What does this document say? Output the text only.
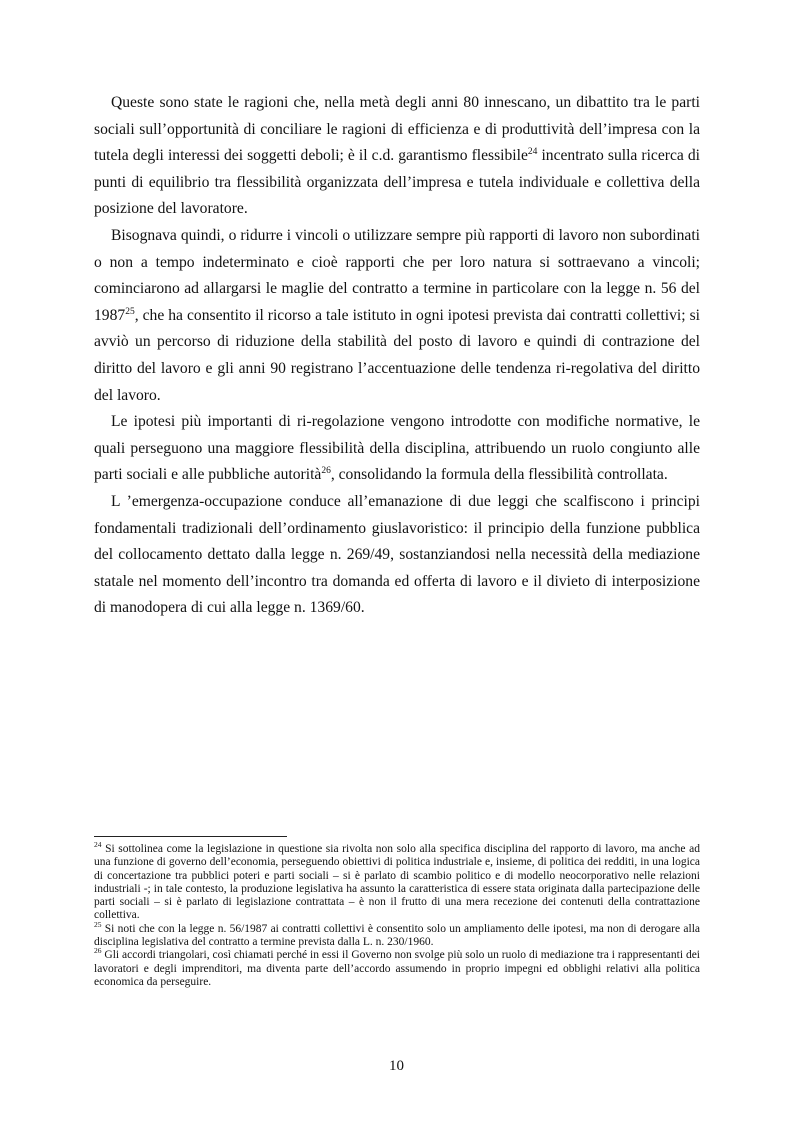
Queste sono state le ragioni che, nella metà degli anni 80 innescano, un dibattito tra le parti sociali sull’opportunità di conciliare le ragioni di efficienza e di produttività dell’impresa con la tutela degli interessi dei soggetti deboli; è il c.d. garantismo flessibile$^{24}$ incentrato sulla ricerca di punti di equilibrio tra flessibilità organizzata dell’impresa e tutela individuale e collettiva della posizione del lavoratore.

Bisognava quindi, o ridurre i vincoli o utilizzare sempre più rapporti di lavoro non subordinati o non a tempo indeterminato e cioè rapporti che per loro natura si sottraevano a vincoli; cominciarono ad allargarsi le maglie del contratto a termine in particolare con la legge n. 56 del 1987$^{25}$, che ha consentito il ricorso a tale istituto in ogni ipotesi prevista dai contratti collettivi; si avviò un percorso di riduzione della stabilità del posto di lavoro e quindi di contrazione del diritto del lavoro e gli anni 90 registrano l’accentuazione delle tendenza ri-regolativa del diritto del lavoro.

Le ipotesi più importanti di ri-regolazione vengono introdotte con modifiche normative, le quali perseguono una maggiore flessibilità della disciplina, attribuendo un ruolo congiunto alle parti sociali e alle pubbliche autorità$^{26}$, consolidando la formula della flessibilità controllata.

L ’emergenza-occupazione conduce all’emanazione di due leggi che scalfiscono i principi fondamentali tradizionali dell’ordinamento giuslavoristico: il principio della funzione pubblica del collocamento dettato dalla legge n. 269/49, sostanziandosi nella necessità della mediazione statale nel momento dell’incontro tra domanda ed offerta di lavoro e il divieto di interposizione di manodopera di cui alla legge n. 1369/60.

$^{24}$ Si sottolinea come la legislazione in questione sia rivolta non solo alla specifica disciplina del rapporto di lavoro, ma anche ad una funzione di governo dell’economia, perseguendo obiettivi di politica industriale e, insieme, di politica dei redditi, in una logica di concertazione tra pubblici poteri e parti sociali – si è parlato di scambio politico e di modello neocorporativo nelle relazioni industriali -; in tale contesto, la produzione legislativa ha assunto la caratteristica di essere stata originata dalla partecipazione delle parti sociali – si è parlato di legislazione contrattata – è non il frutto di una mera recezione dei contenuti della contrattazione collettiva.

$^{25}$ Si noti che con la legge n. 56/1987 ai contratti collettivi è consentito solo un ampliamento delle ipotesi, ma non di derogare alla disciplina legislativa del contratto a termine prevista dalla L. n. 230/1960.

$^{26}$ Gli accordi triangolari, così chiamati perché in essi il Governo non svolge più solo un ruolo di mediazione tra i rappresentanti dei lavoratori e degli imprenditori, ma diventa parte dell’accordo assumendo in proprio impegni ed obblighi relativi alla politica economica da perseguire.

10
